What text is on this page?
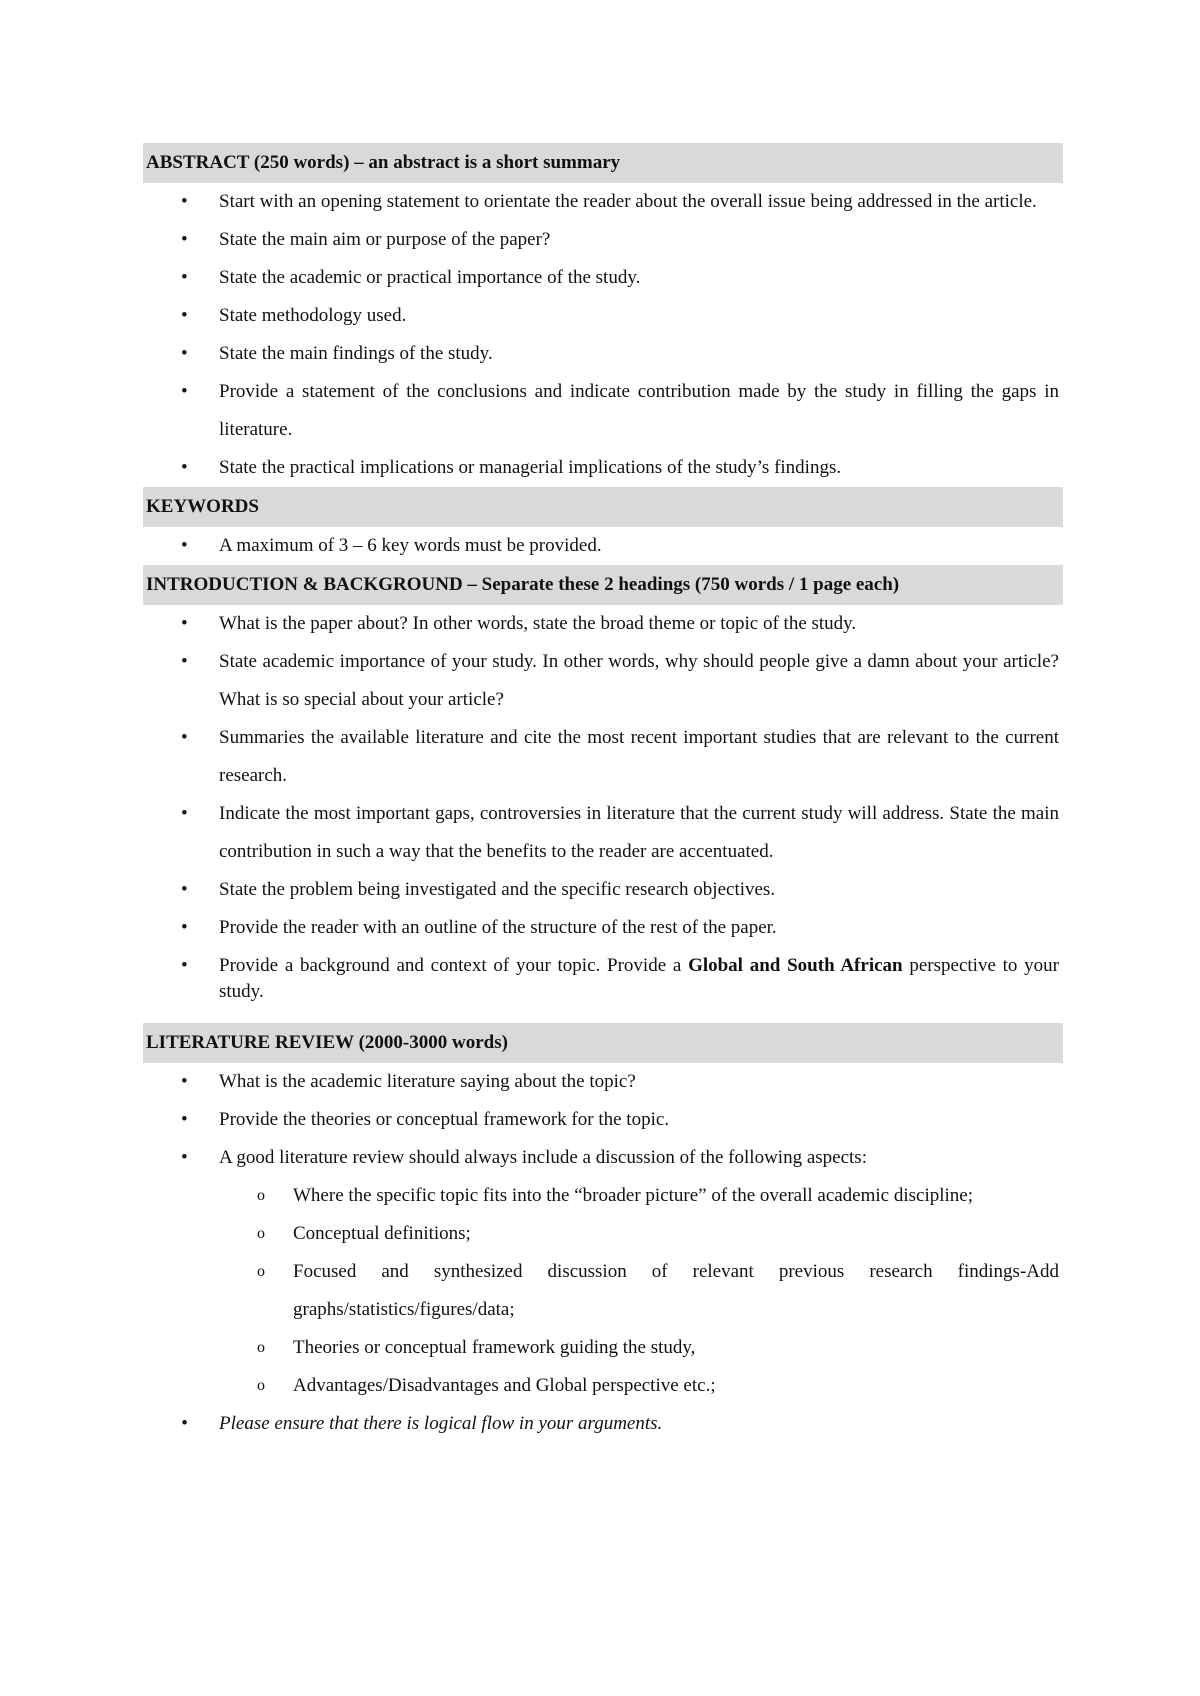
ABSTRACT (250 words) – an abstract is a short summary
• Start with an opening statement to orientate the reader about the overall issue being addressed in the article.
• State the main aim or purpose of the paper?
• State the academic or practical importance of the study.
• State methodology used.
• State the main findings of the study.
• Provide a statement of the conclusions and indicate contribution made by the study in filling the gaps in literature.
• State the practical implications or managerial implications of the study’s findings.
KEYWORDS
• A maximum of 3 – 6 key words must be provided.
INTRODUCTION & BACKGROUND – Separate these 2 headings (750 words / 1 page each)
• What is the paper about? In other words, state the broad theme or topic of the study.
• State academic importance of your study. In other words, why should people give a damn about your article? What is so special about your article?
• Summaries the available literature and cite the most recent important studies that are relevant to the current research.
• Indicate the most important gaps, controversies in literature that the current study will address. State the main contribution in such a way that the benefits to the reader are accentuated.
• State the problem being investigated and the specific research objectives.
• Provide the reader with an outline of the structure of the rest of the paper.
• Provide a background and context of your topic. Provide a Global and South African perspective to your study.
LITERATURE REVIEW (2000-3000 words)
• What is the academic literature saying about the topic?
• Provide the theories or conceptual framework for the topic.
• A good literature review should always include a discussion of the following aspects:
o Where the specific topic fits into the “broader picture” of the overall academic discipline;
o Conceptual definitions;
o Focused and synthesized discussion of relevant previous research findings-Add graphs/statistics/figures/data;
o Theories or conceptual framework guiding the study,
o Advantages/Disadvantages and Global perspective etc.;
• Please ensure that there is logical flow in your arguments.
